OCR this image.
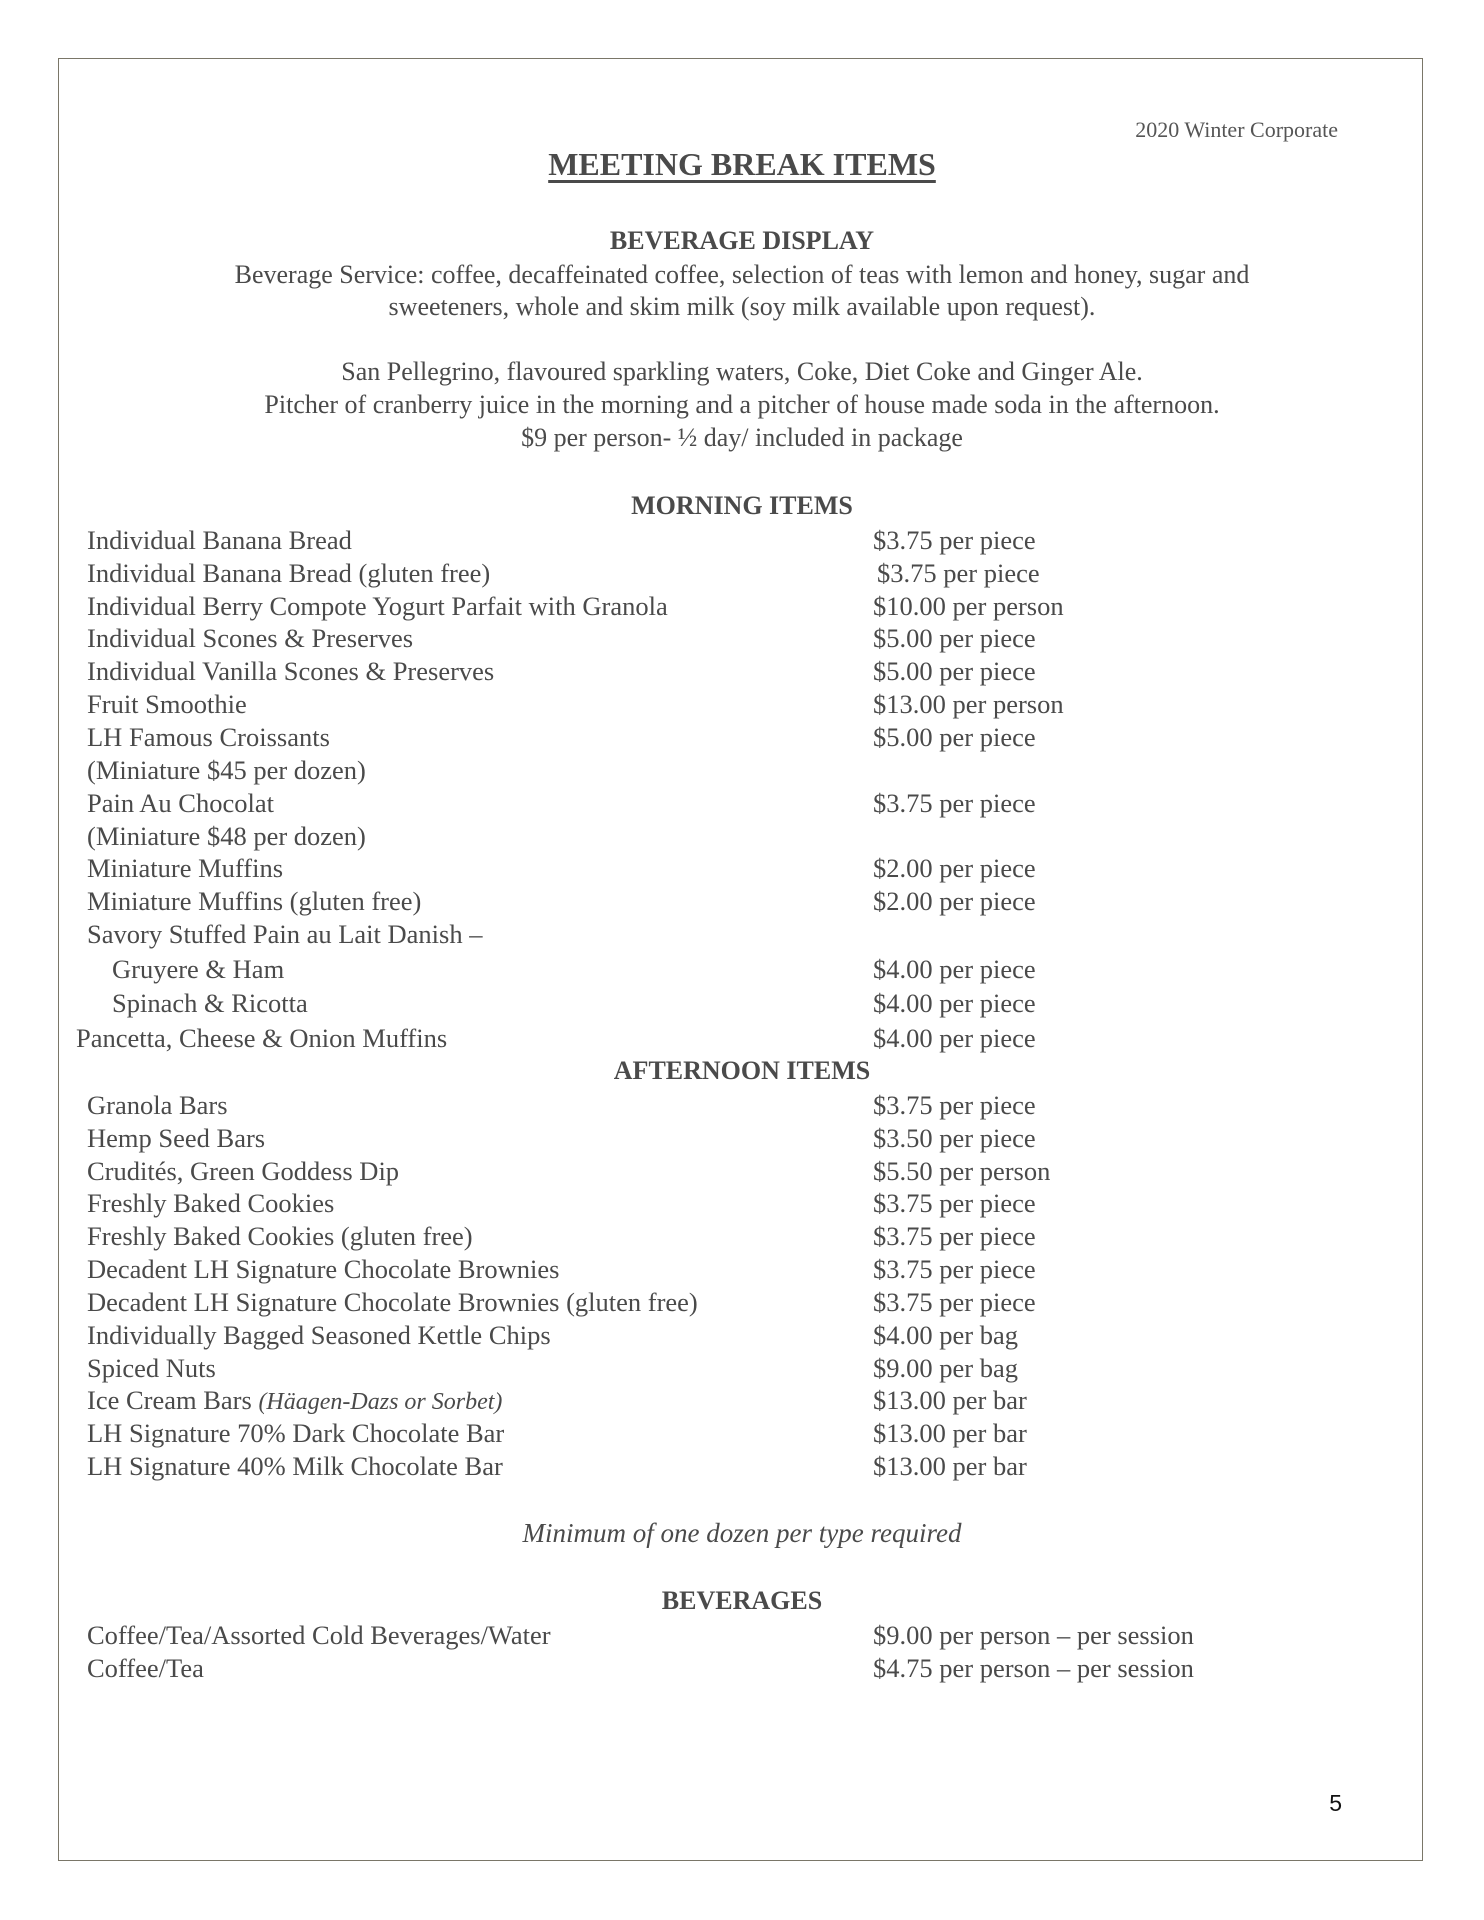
2020 Winter Corporate
MEETING BREAK ITEMS
BEVERAGE DISPLAY
Beverage Service: coffee, decaffeinated coffee, selection of teas with lemon and honey, sugar and
sweeteners, whole and skim milk (soy milk available upon request).
San Pellegrino, flavoured sparkling waters, Coke, Diet Coke and Ginger Ale.
Pitcher of cranberry juice in the morning and a pitcher of house made soda in the afternoon.
$9 per person- ½ day/ included in package
MORNING ITEMS
Individual Banana Bread	$3.75 per piece
Individual Banana Bread (gluten free)	$3.75 per piece
Individual Berry Compote Yogurt Parfait with Granola	$10.00 per person
Individual Scones & Preserves	$5.00 per piece
Individual Vanilla Scones & Preserves	$5.00 per piece
Fruit Smoothie	$13.00 per person
LH Famous Croissants	$5.00 per piece
(Miniature $45 per dozen)
Pain Au Chocolat	$3.75 per piece
(Miniature $48 per dozen)
Miniature Muffins	$2.00 per piece
Miniature Muffins (gluten free)	$2.00 per piece
Savory Stuffed Pain au Lait Danish –
Gruyere & Ham	$4.00 per piece
Spinach & Ricotta	$4.00 per piece
Pancetta, Cheese & Onion Muffins	$4.00 per piece
AFTERNOON ITEMS
Granola Bars	$3.75 per piece
Hemp Seed Bars	$3.50 per piece
Crudités, Green Goddess Dip	$5.50 per person
Freshly Baked Cookies	$3.75 per piece
Freshly Baked Cookies (gluten free)	$3.75 per piece
Decadent LH Signature Chocolate Brownies	$3.75 per piece
Decadent LH Signature Chocolate Brownies (gluten free)	$3.75 per piece
Individually Bagged Seasoned Kettle Chips	$4.00 per bag
Spiced Nuts	$9.00 per bag
Ice Cream Bars (Häagen-Dazs or Sorbet)	$13.00 per bar
LH Signature 70% Dark Chocolate Bar	$13.00 per bar
LH Signature 40% Milk Chocolate Bar	$13.00 per bar
Minimum of one dozen per type required
BEVERAGES
Coffee/Tea/Assorted Cold Beverages/Water	$9.00 per person – per session
Coffee/Tea	$4.75 per person – per session
5
